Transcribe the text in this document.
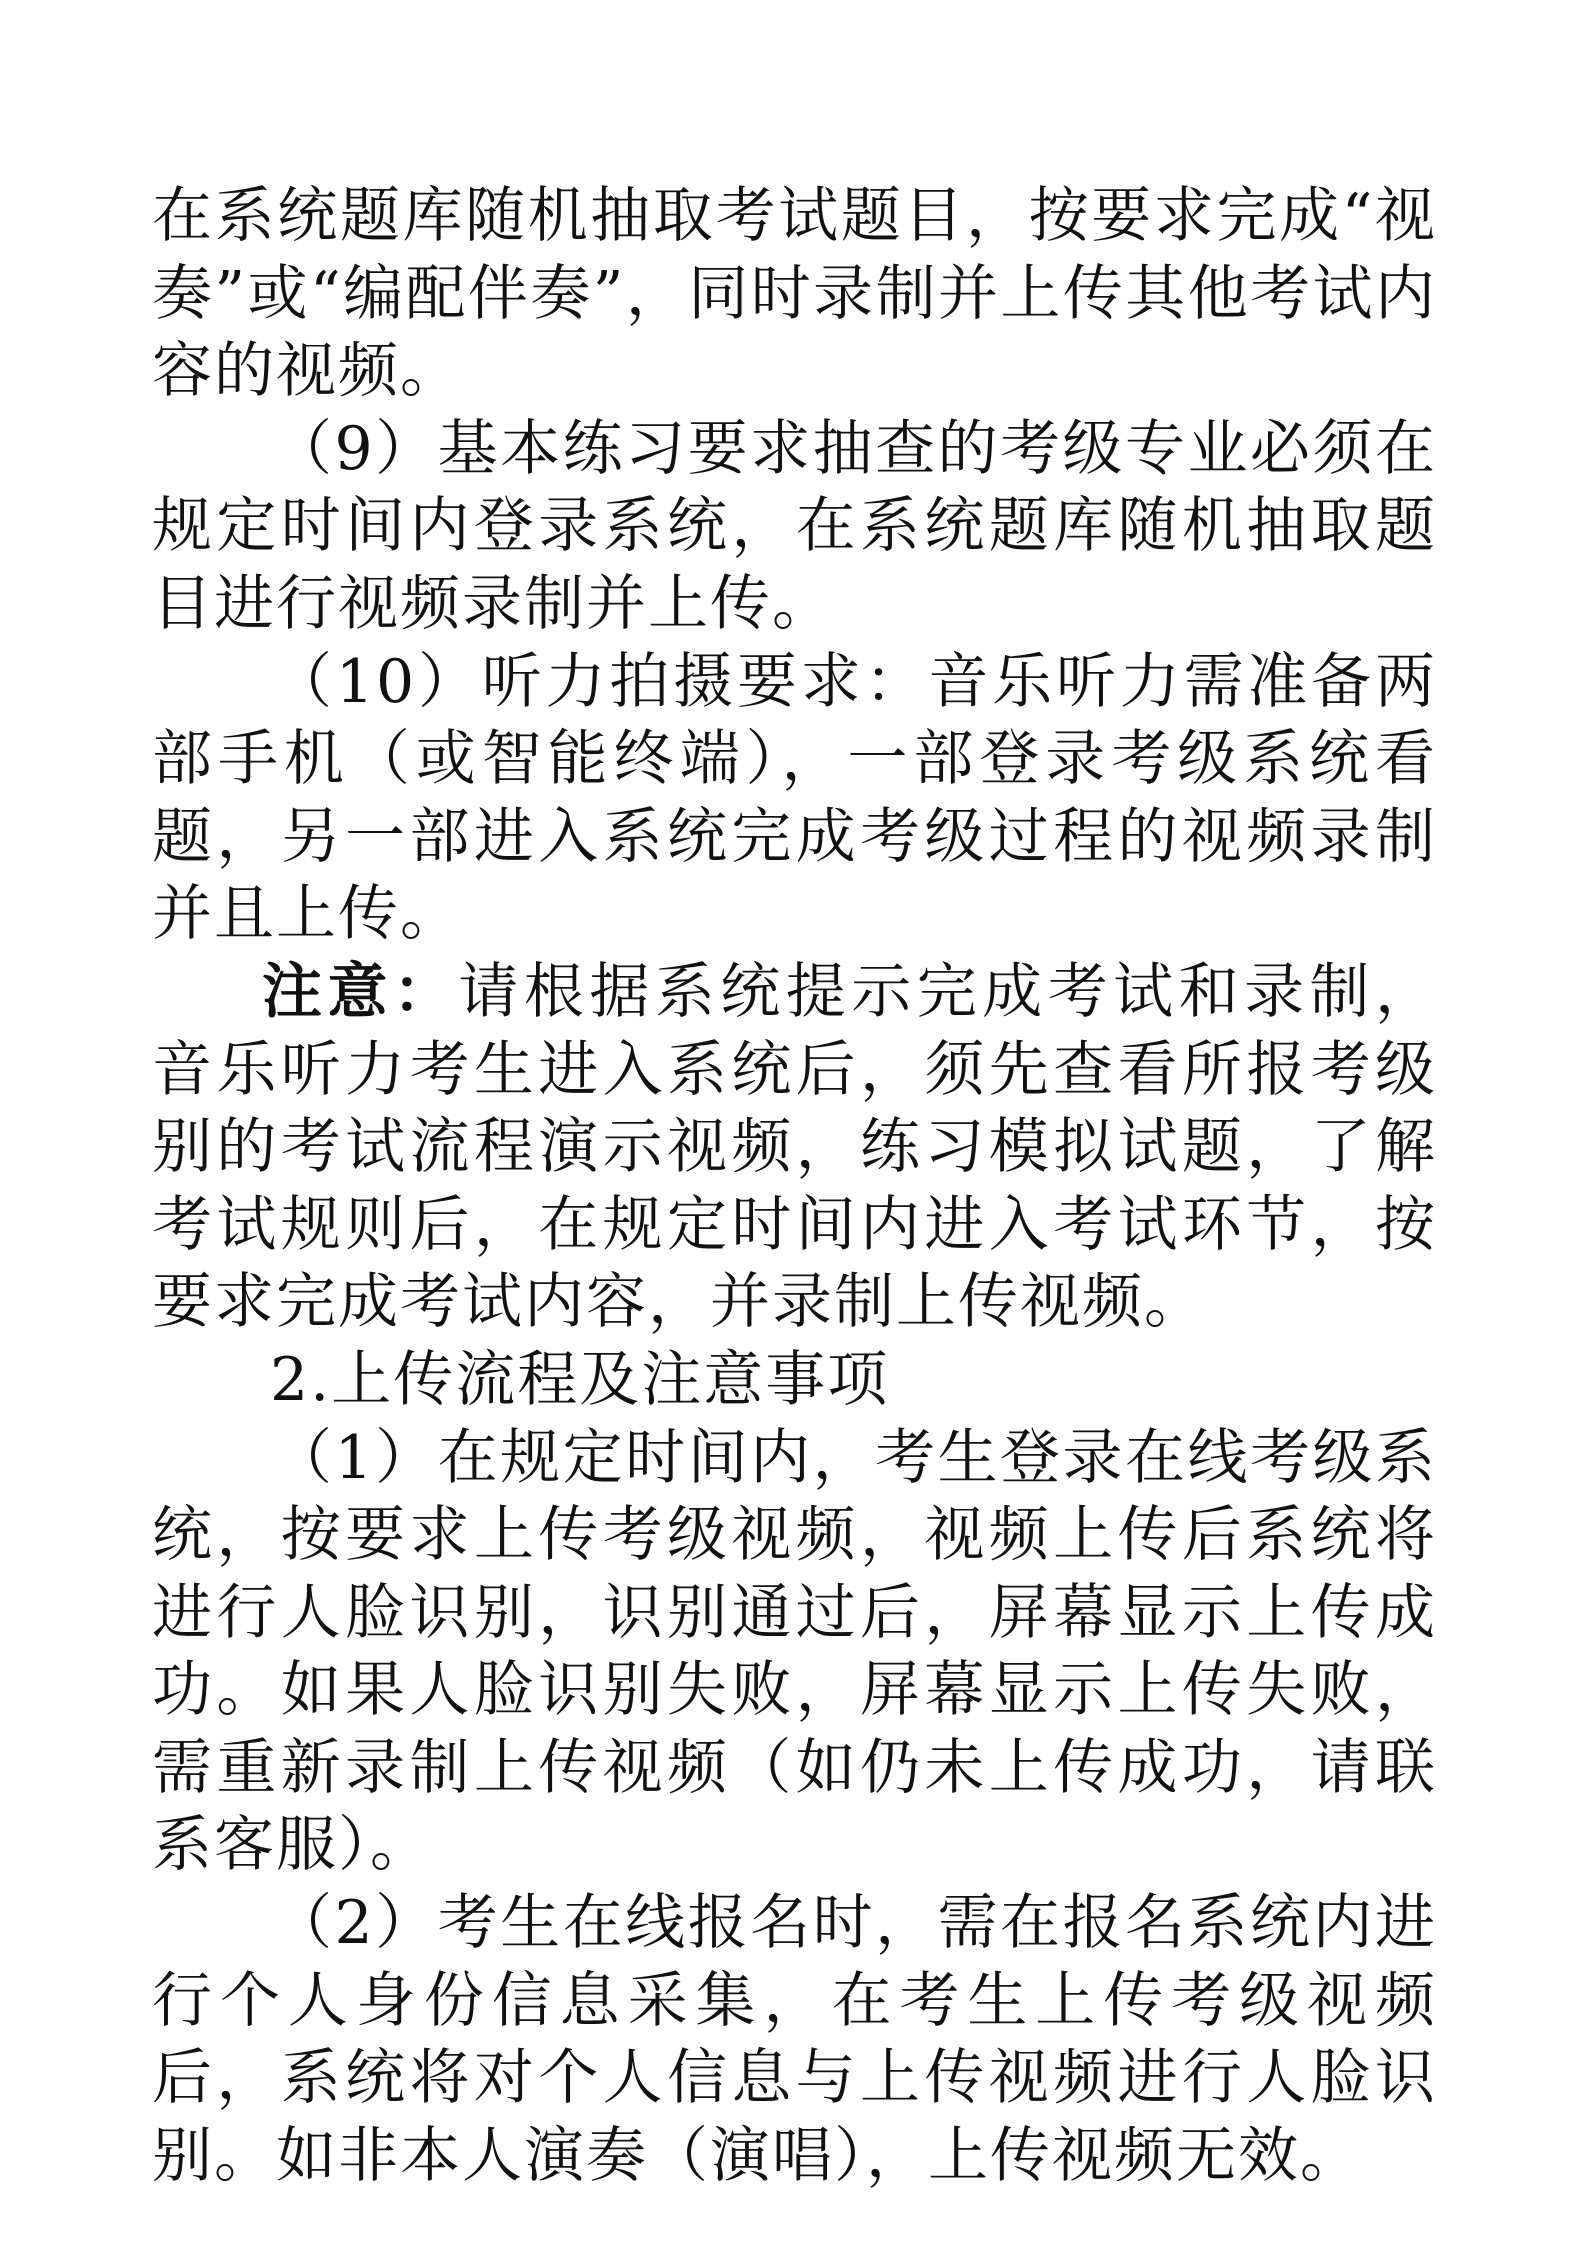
在系统题库随机抽取考试题目，按要求完成“视奏”或“编配伴奏”，同时录制并上传其他考试内容的视频。

（9）基本练习要求抽查的考级专业必须在规定时间内登录系统，在系统题库随机抽取题目进行视频录制并上传。

（10）听力拍摄要求：音乐听力需准备两部手机（或智能终端），一部登录考级系统看题，另一部进入系统完成考级过程的视频录制并且上传。

注意：请根据系统提示完成考试和录制，音乐听力考生进入系统后，须先查看所报考级别的考试流程演示视频，练习模拟试题，了解考试规则后，在规定时间内进入考试环节，按要求完成考试内容，并录制上传视频。

2.上传流程及注意事项

（1）在规定时间内，考生登录在线考级系统，按要求上传考级视频，视频上传后系统将进行人脸识别，识别通过后，屏幕显示上传成功。如果人脸识别失败，屏幕显示上传失败，需重新录制上传视频（如仍未上传成功，请联系客服）。

（2）考生在线报名时，需在报名系统内进行个人身份信息采集，在考生上传考级视频后，系统将对个人信息与上传视频进行人脸识别。如非本人演奏（演唱），上传视频无效。
